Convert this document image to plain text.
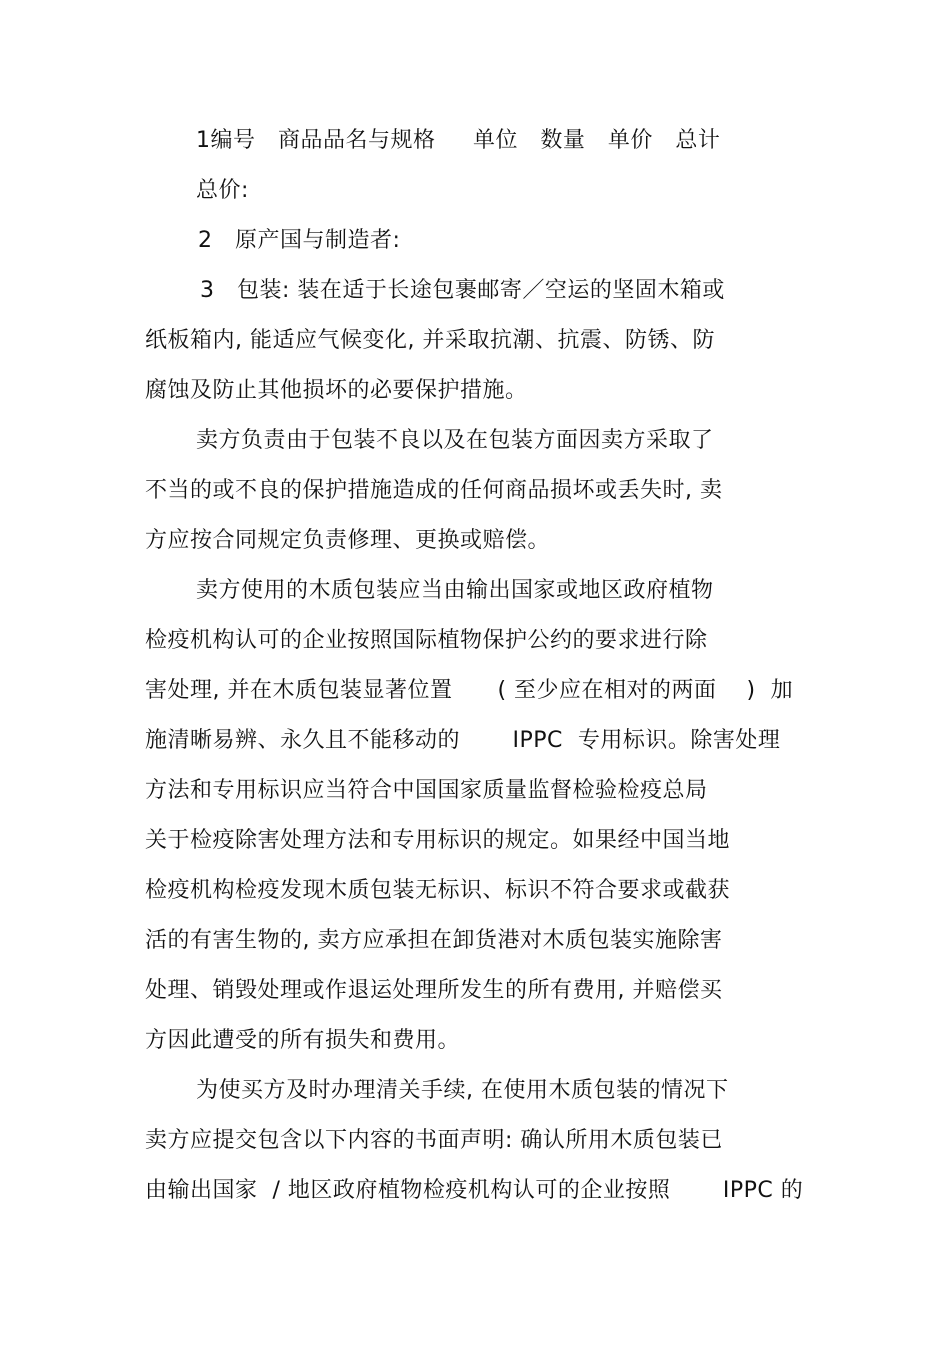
1编号   商品品名与规格     单位   数量   单价   总计
总价:
2   原产国与制造者:
3   包装: 装在适于长途包裹邮寄／空运的坚固木箱或
纸板箱内, 能适应气候变化, 并采取抗潮、抗震、防锈、防
腐蚀及防止其他损坏的必要保护措施。
卖方负责由于包装不良以及在包装方面因卖方采取了
不当的或不良的保护措施造成的任何商品损坏或丢失时, 卖
方应按合同规定负责修理、更换或赔偿。
卖方使用的木质包装应当由输出国家或地区政府植物
检疫机构认可的企业按照国际植物保护公约的要求进行除
害处理, 并在木质包装显著位置      ( 至少应在相对的两面    )  加
施清晰易辨、永久且不能移动的       IPPC  专用标识。除害处理
方法和专用标识应当符合中国国家质量监督检验检疫总局
关于检疫除害处理方法和专用标识的规定。如果经中国当地
检疫机构检疫发现木质包装无标识、标识不符合要求或截获
活的有害生物的, 卖方应承担在卸货港对木质包装实施除害
处理、销毁处理或作退运处理所发生的所有费用, 并赔偿买
方因此遭受的所有损失和费用。
为使买方及时办理清关手续, 在使用木质包装的情况下
卖方应提交包含以下内容的书面声明: 确认所用木质包装已
由输出国家  / 地区政府植物检疫机构认可的企业按照       IPPC 的
